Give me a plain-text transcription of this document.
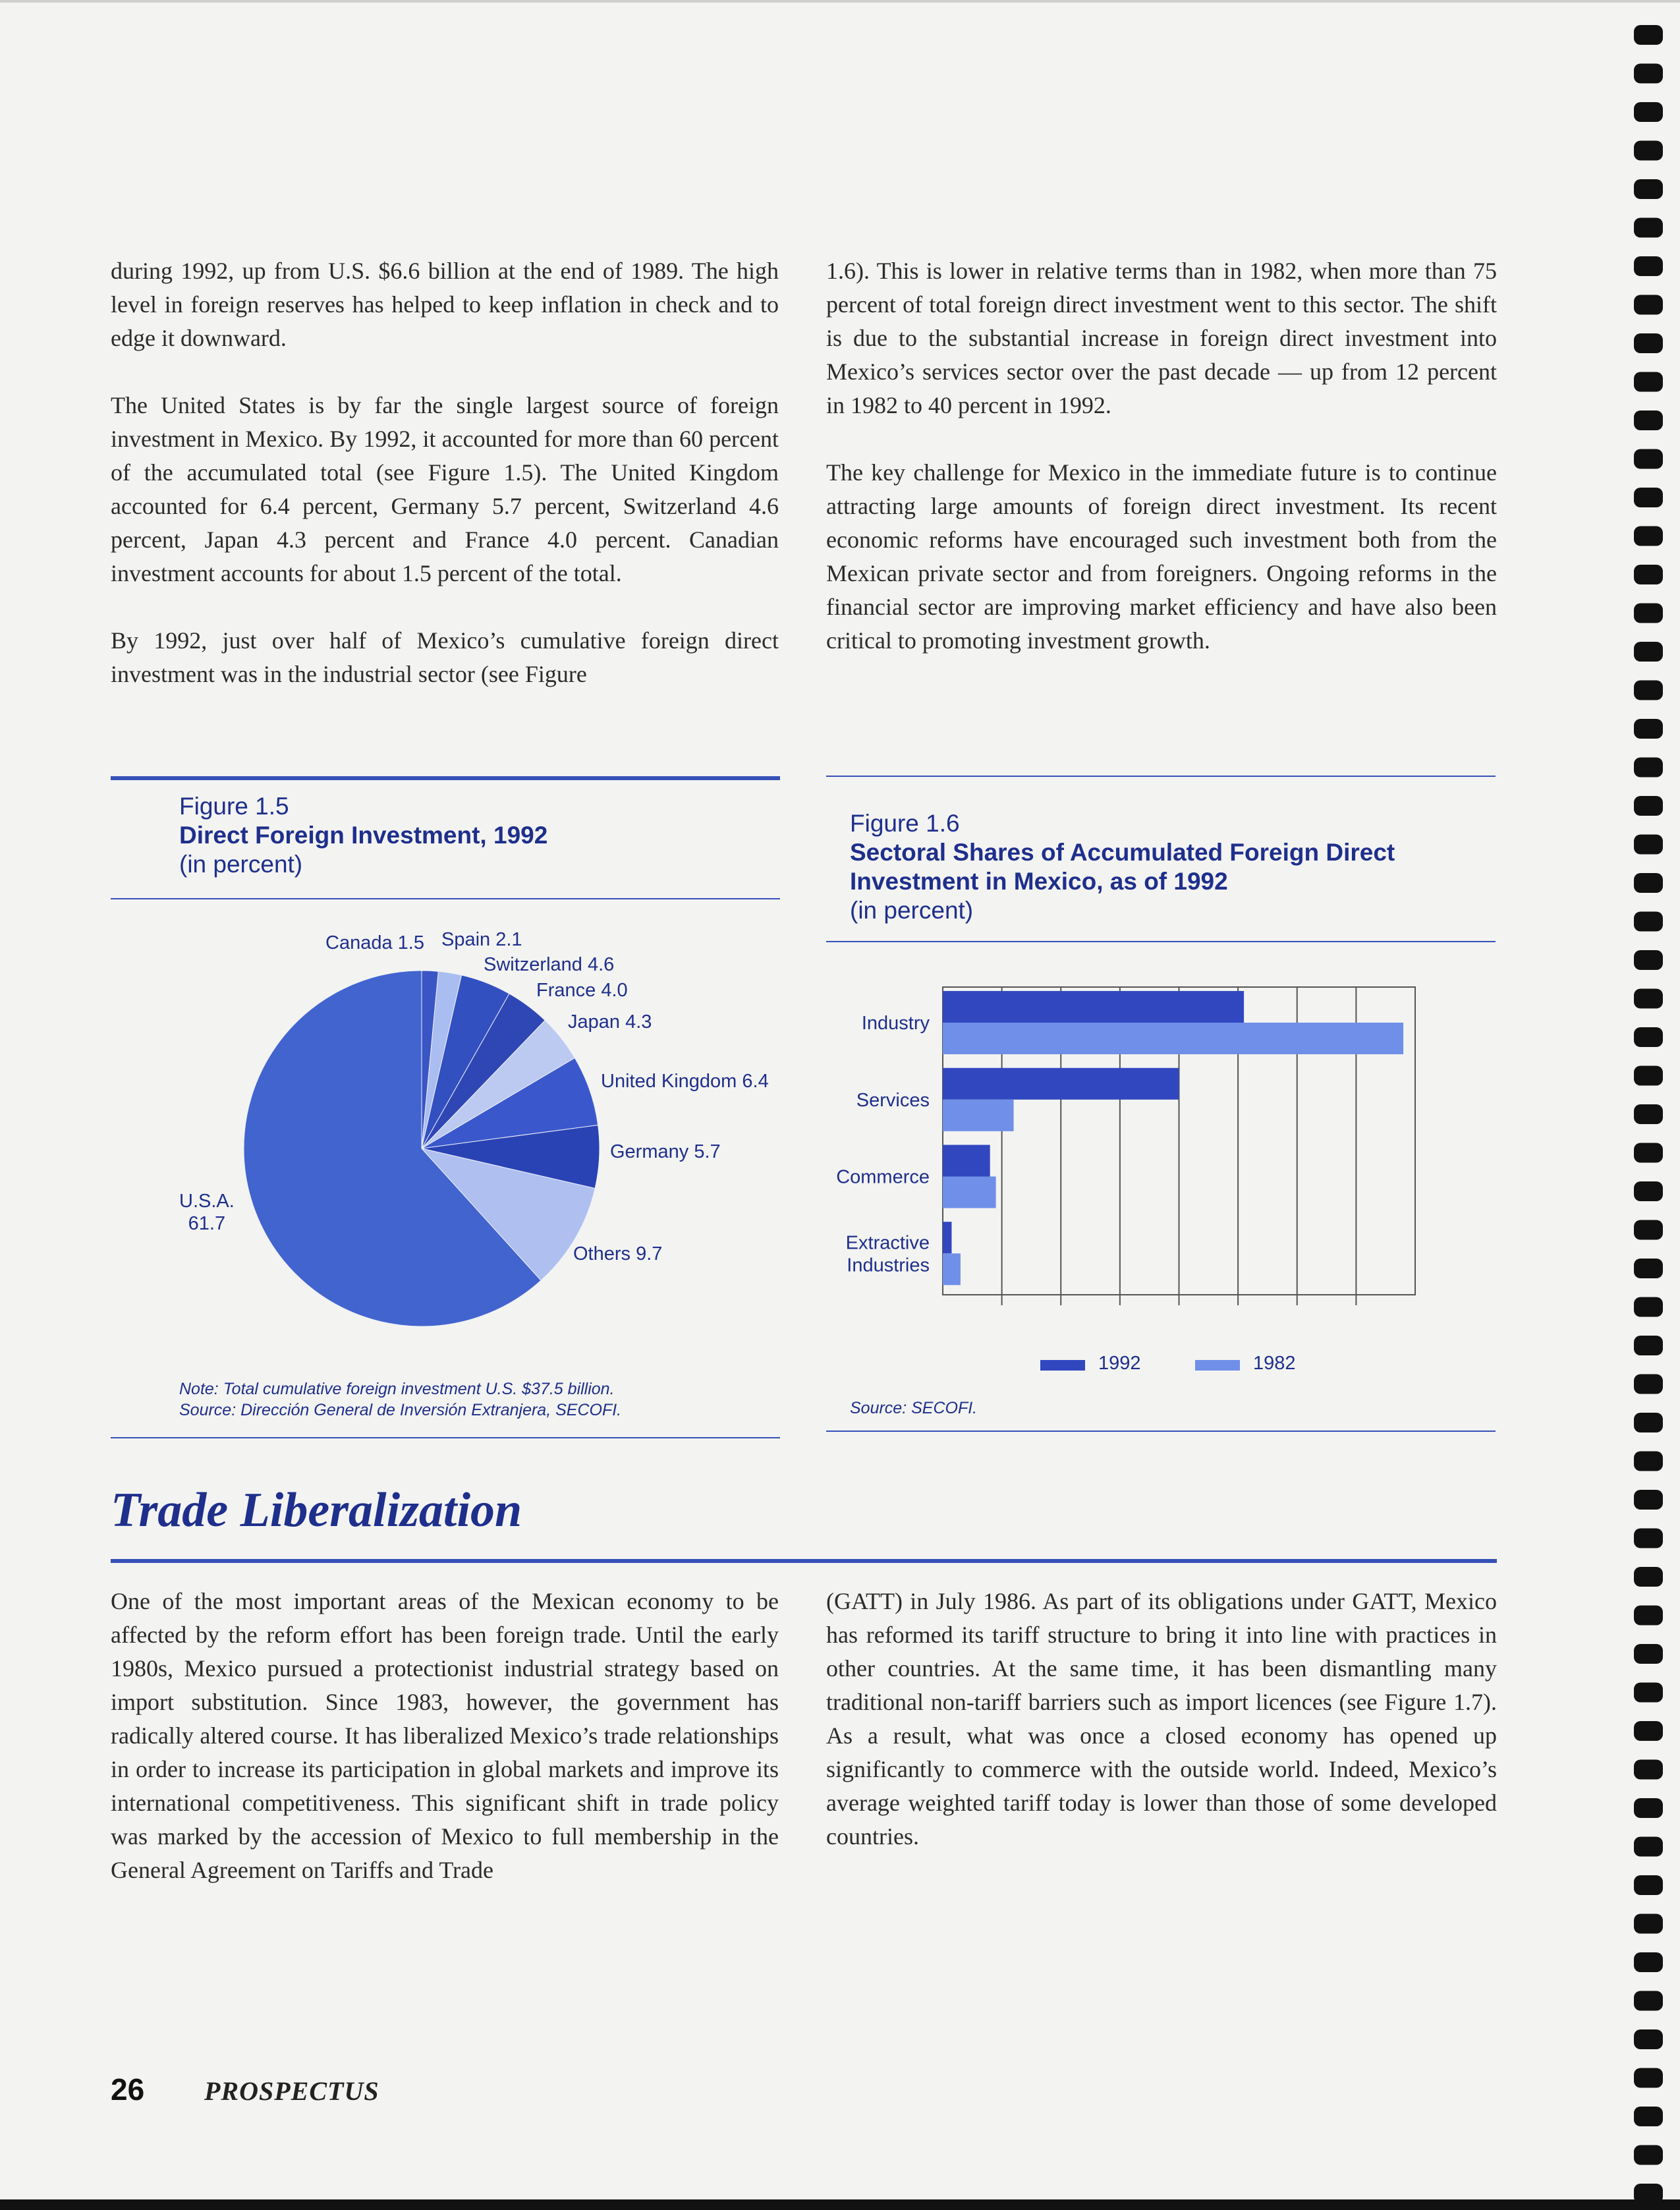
during 1992, up from U.S. $6.6 billion at the end of 1989. The high level in foreign reserves has helped to keep inflation in check and to edge it downward.

The United States is by far the single largest source of foreign investment in Mexico. By 1992, it accounted for more than 60 percent of the accumulated total (see Figure 1.5). The United Kingdom accounted for 6.4 percent, Germany 5.7 percent, Switzerland 4.6 percent, Japan 4.3 percent and France 4.0 percent. Canadian investment accounts for about 1.5 percent of the total.

By 1992, just over half of Mexico’s cumulative foreign direct investment was in the industrial sector (see Figure

1.6). This is lower in relative terms than in 1982, when more than 75 percent of total foreign direct investment went to this sector. The shift is due to the substantial increase in foreign direct investment into Mexico’s services sector over the past decade — up from 12 percent in 1982 to 40 percent in 1992.

The key challenge for Mexico in the immediate future is to continue attracting large amounts of foreign direct investment. Its recent economic reforms have encouraged such investment both from the Mexican private sector and from foreigners. Ongoing reforms in the financial sector are improving market efficiency and have also been critical to promoting investment growth.

Figure 1.5
Direct Foreign Investment, 1992
(in percent)
Canada 1.5 Spain 2.1
Switzerland 4.6
France 4.0
Japan 4.3
United Kingdom 6.4
Germany 5.7
Others 9.7
U.S.A.
61.7
Note: Total cumulative foreign investment U.S. $37.5 billion.
Source: Dirección General de Inversión Extranjera, SECOFI.
Figure 1.6
Sectoral Shares of Accumulated Foreign Direct
Investment in Mexico, as of 1992
(in percent)
Industry
Services
Commerce
Extractive
Industries
1992	1982
Source: SECOFI.
Trade Liberalization

One of the most important areas of the Mexican economy to be affected by the reform effort has been foreign trade. Until the early 1980s, Mexico pursued a protectionist industrial strategy based on import substitution. Since 1983, however, the government has radically altered course. It has liberalized Mexico’s trade relationships in order to increase its participation in global markets and improve its international competitiveness. This significant shift in trade policy was marked by the accession of Mexico to full membership in the General Agreement on Tariffs and Trade

(GATT) in July 1986. As part of its obligations under GATT, Mexico has reformed its tariff structure to bring it into line with practices in other countries. At the same time, it has been dismantling many traditional non-tariff barriers such as import licences (see Figure 1.7). As a result, what was once a closed economy has opened up significantly to commerce with the outside world. Indeed, Mexico’s average weighted tariff today is lower than those of some developed countries.

26 PROSPECTUS
